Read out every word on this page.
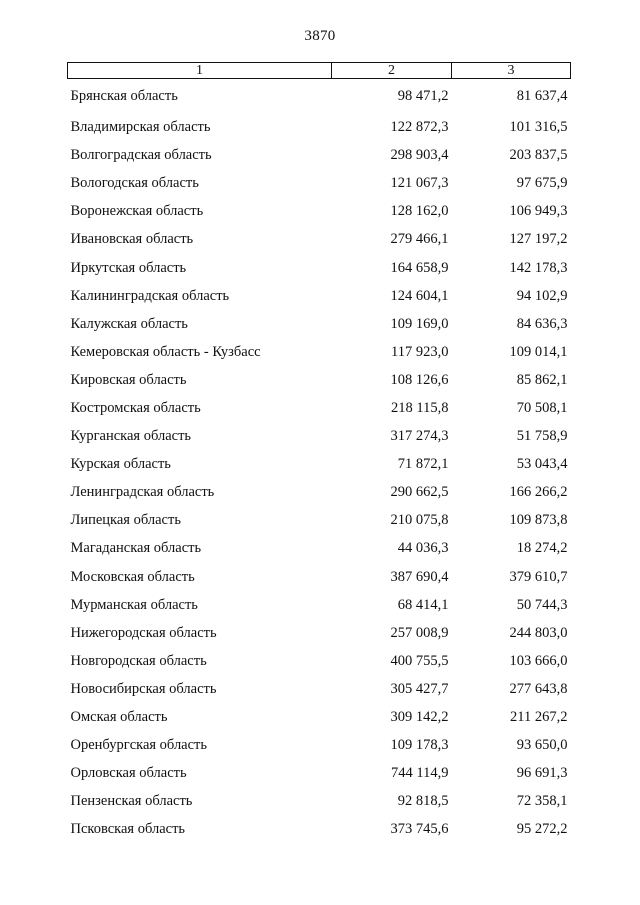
3870
1	2	3
Брянская область	98 471,2	81 637,4
Владимирская область	122 872,3	101 316,5
Волгоградская область	298 903,4	203 837,5
Вологодская область	121 067,3	97 675,9
Воронежская область	128 162,0	106 949,3
Ивановская область	279 466,1	127 197,2
Иркутская область	164 658,9	142 178,3
Калининградская область	124 604,1	94 102,9
Калужская область	109 169,0	84 636,3
Кемеровская область - Кузбасс	117 923,0	109 014,1
Кировская область	108 126,6	85 862,1
Костромская область	218 115,8	70 508,1
Курганская область	317 274,3	51 758,9
Курская область	71 872,1	53 043,4
Ленинградская область	290 662,5	166 266,2
Липецкая область	210 075,8	109 873,8
Магаданская область	44 036,3	18 274,2
Московская область	387 690,4	379 610,7
Мурманская область	68 414,1	50 744,3
Нижегородская область	257 008,9	244 803,0
Новгородская область	400 755,5	103 666,0
Новосибирская область	305 427,7	277 643,8
Омская область	309 142,2	211 267,2
Оренбургская область	109 178,3	93 650,0
Орловская область	744 114,9	96 691,3
Пензенская область	92 818,5	72 358,1
Псковская область	373 745,6	95 272,2
